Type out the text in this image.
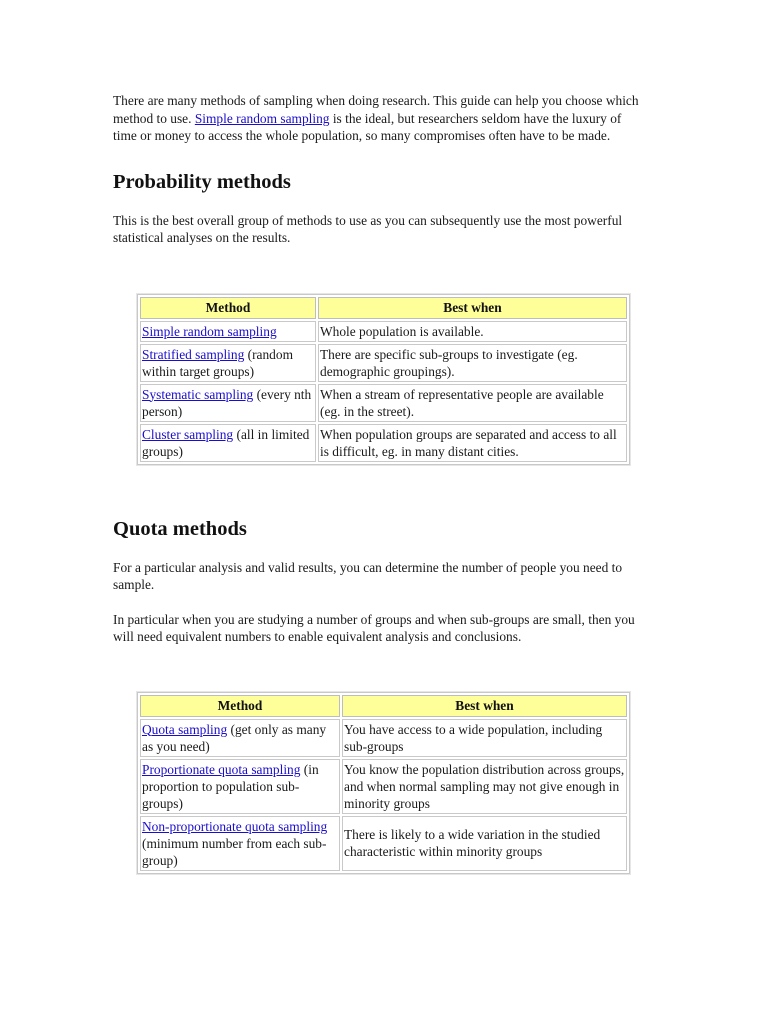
There are many methods of sampling when doing research. This guide can help you choose which method to use. Simple random sampling is the ideal, but researchers seldom have the luxury of time or money to access the whole population, so many compromises often have to be made.

Probability methods

This is the best overall group of methods to use as you can subsequently use the most powerful statistical analyses on the results.

Method	Best when
Simple random sampling	Whole population is available.
Stratified sampling (random within target groups)	There are specific sub-groups to investigate (eg. demographic groupings).
Systematic sampling (every nth person)	When a stream of representative people are available (eg. in the street).
Cluster sampling (all in limited groups)	When population groups are separated and access to all is difficult, eg. in many distant cities.
Quota methods

For a particular analysis and valid results, you can determine the number of people you need to sample.

In particular when you are studying a number of groups and when sub-groups are small, then you will need equivalent numbers to enable equivalent analysis and conclusions.

Method	Best when
Quota sampling (get only as many as you need)	You have access to a wide population, including sub-groups
Proportionate quota sampling (in proportion to population sub-groups)	You know the population distribution across groups, and when normal sampling may not give enough in minority groups
Non-proportionate quota sampling (minimum number from each sub-group)	There is likely to a wide variation in the studied characteristic within minority groups
